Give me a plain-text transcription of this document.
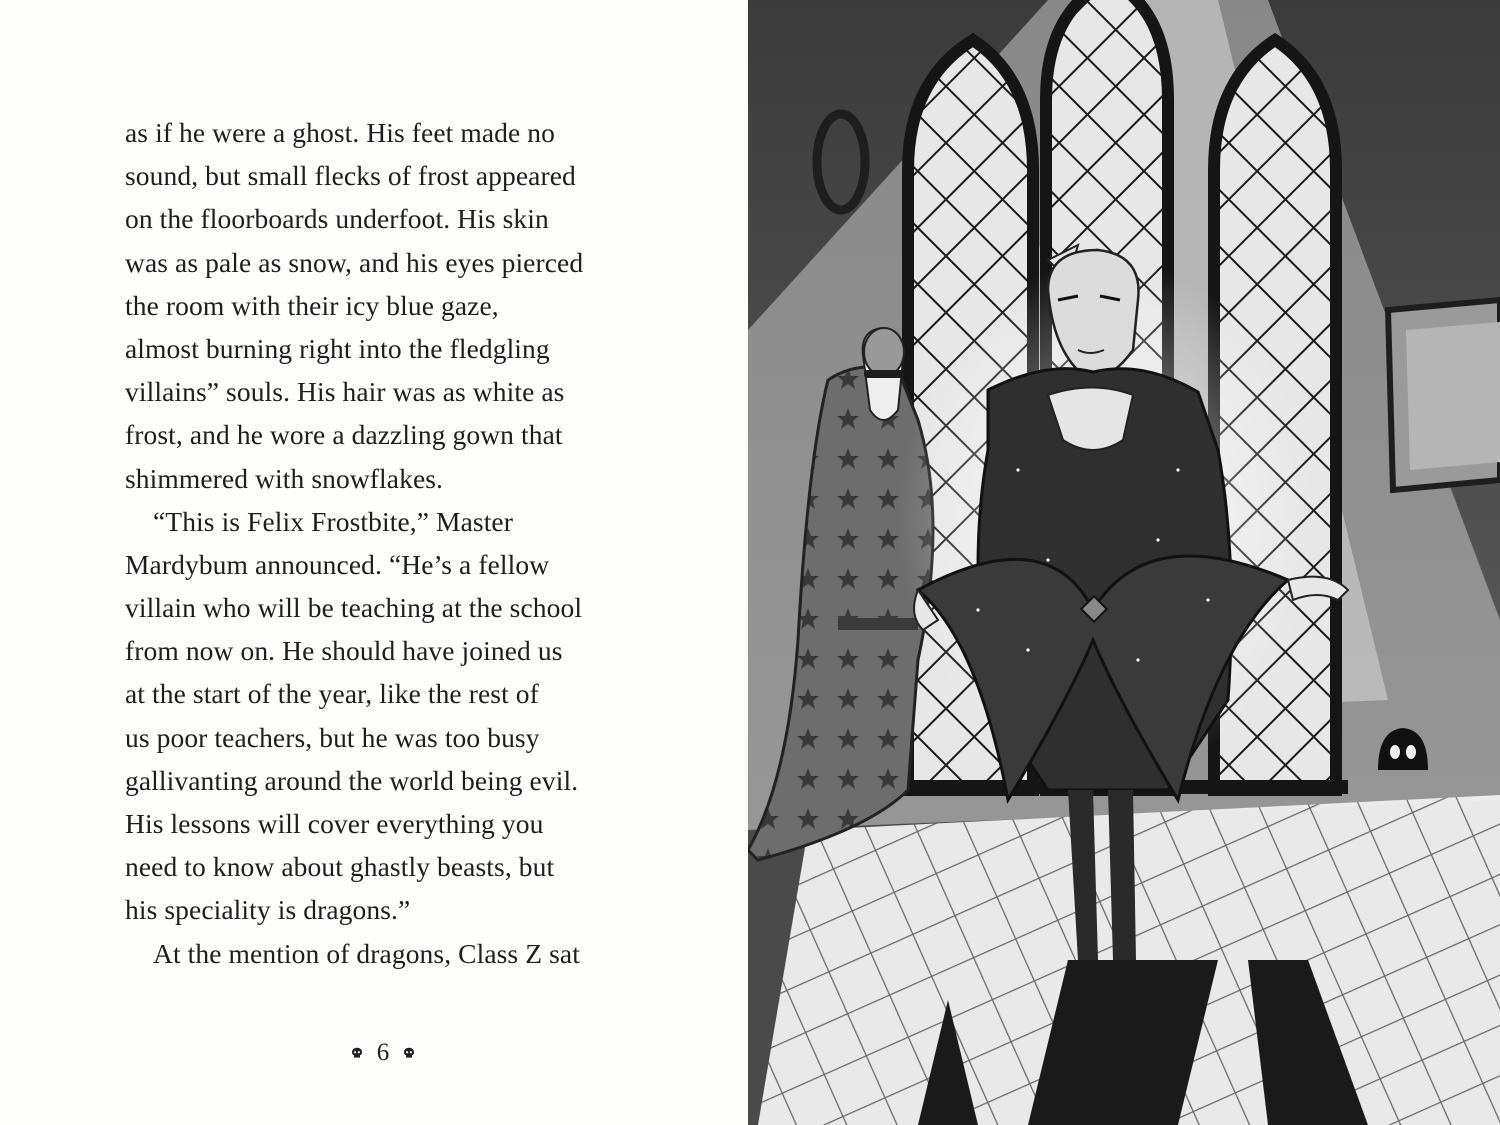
as if he were a ghost. His feet made no
sound, but small flecks of frost appeared
on the floorboards underfoot. His skin
was as pale as snow, and his eyes pierced
the room with their icy blue gaze,
almost burning right into the fledgling
villains” souls. His hair was as white as
frost, and he wore a dazzling gown that
shimmered with snowflakes.
“This is Felix Frostbite,” Master
Mardybum announced. “He’s a fellow
villain who will be teaching at the school
from now on. He should have joined us
at the start of the year, like the rest of
us poor teachers, but he was too busy
gallivanting around the world being evil.
His lessons will cover everything you
need to know about ghastly beasts, but
his speciality is dragons.”
At the mention of dragons, Class Z sat
6
